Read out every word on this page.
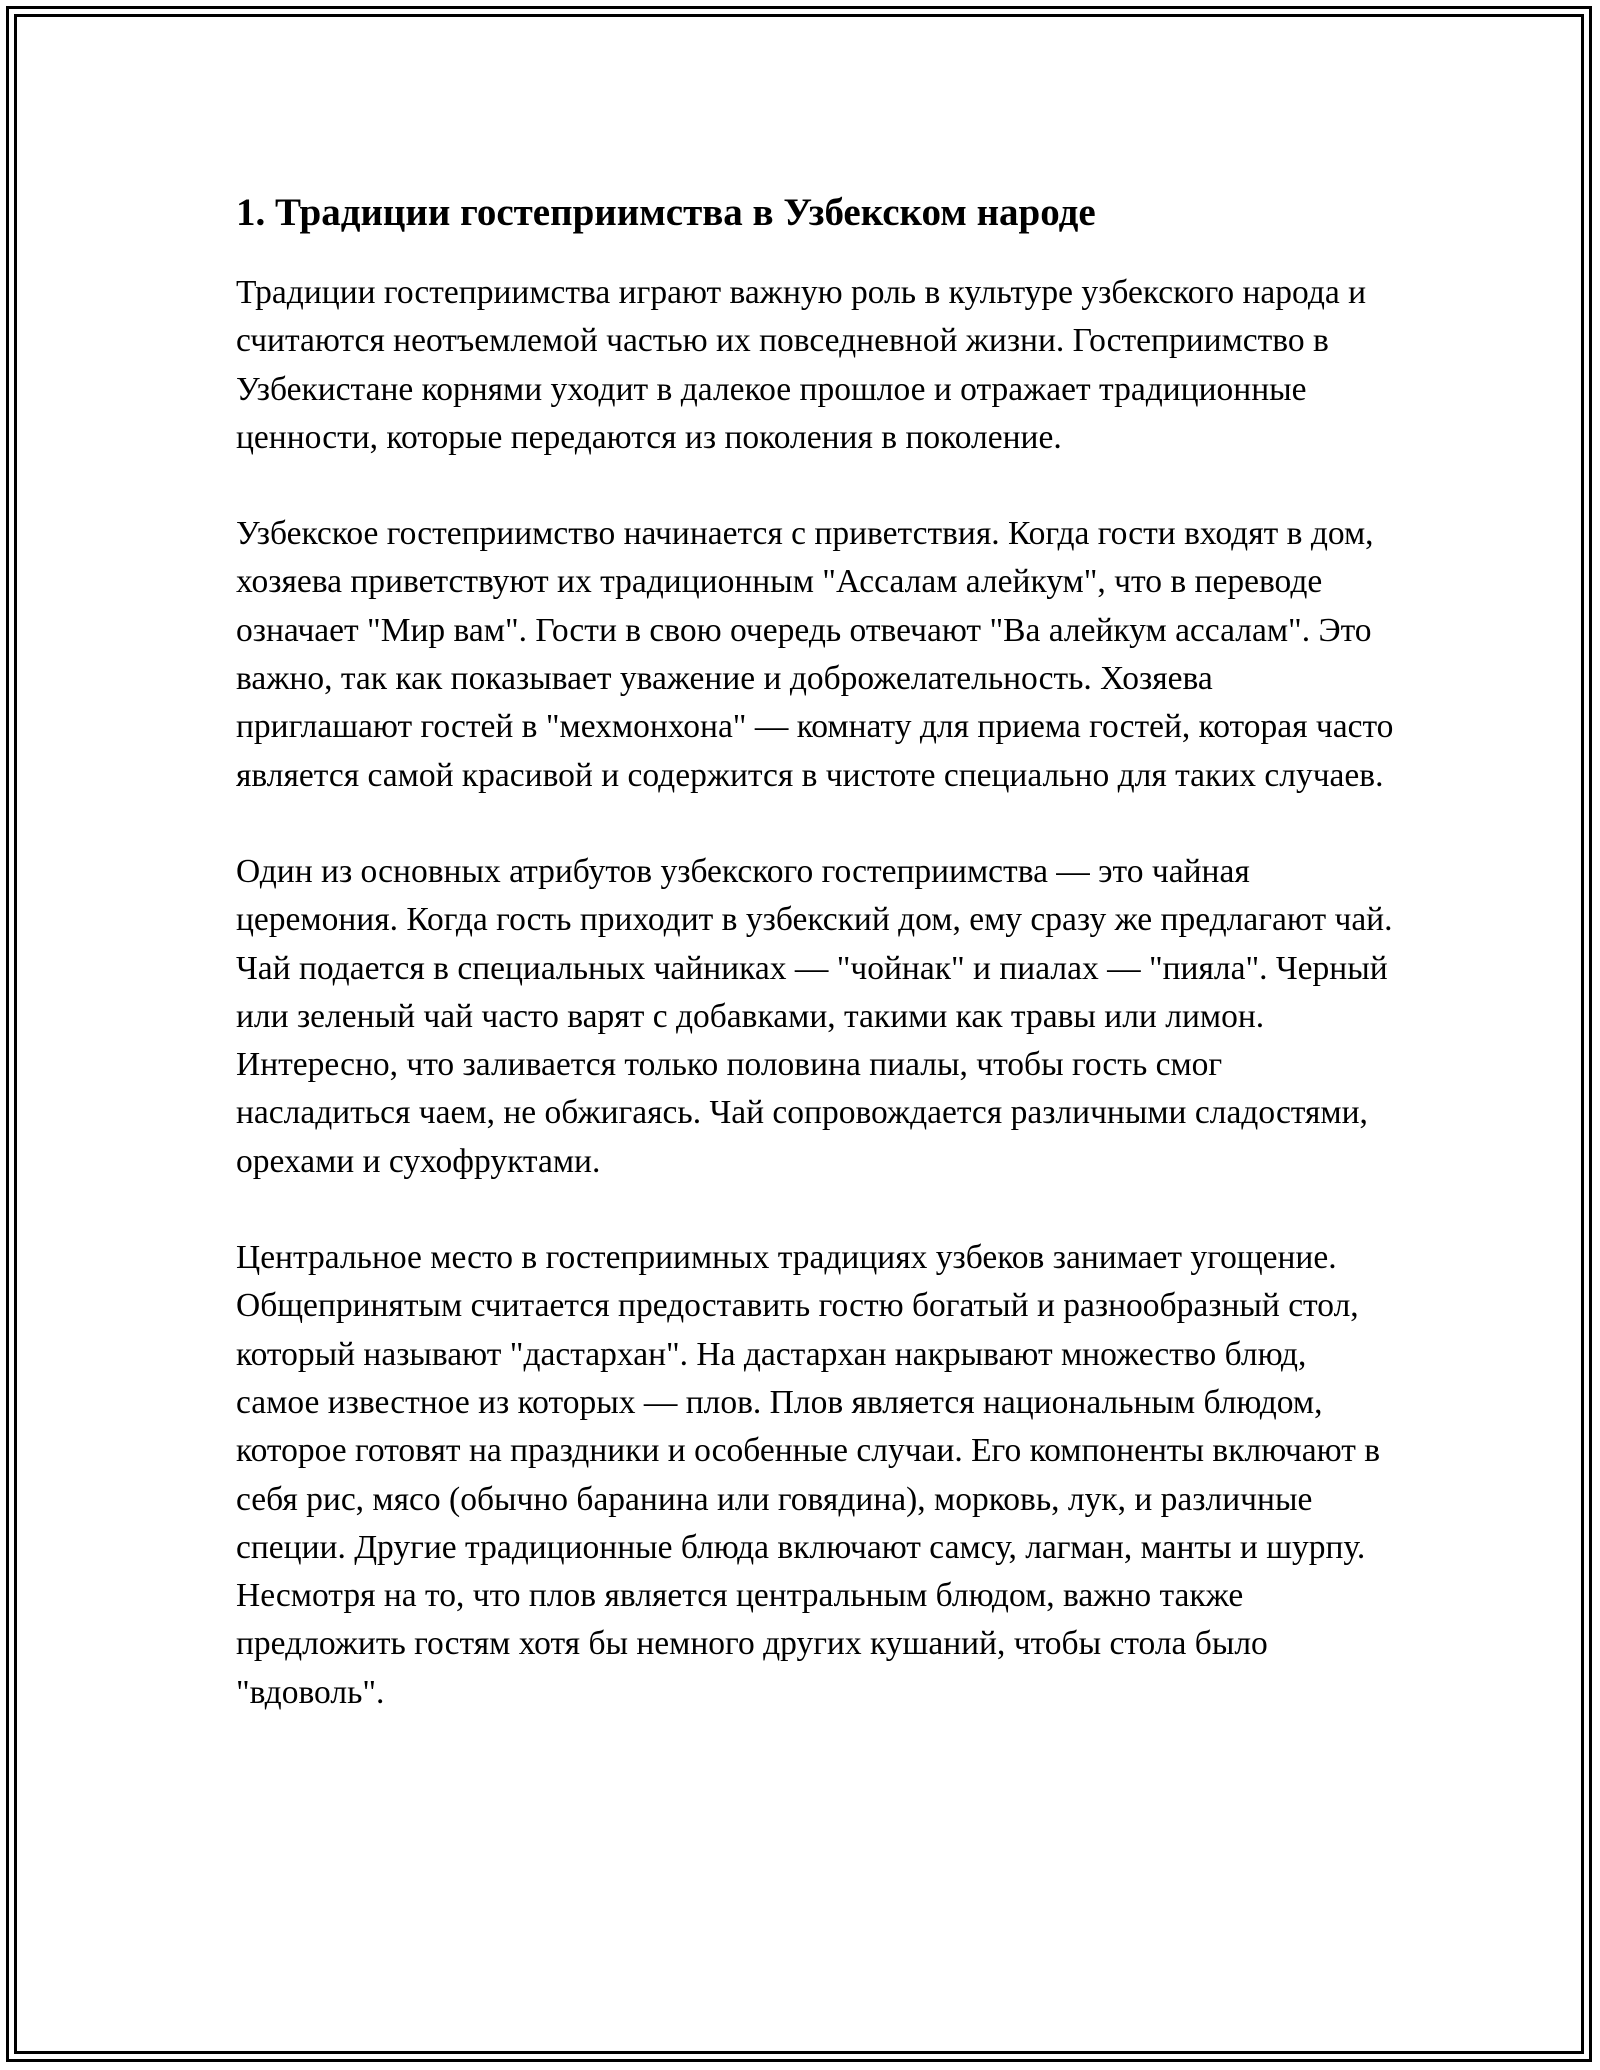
1. Традиции гостеприимства в Узбекском народе

Традиции гостеприимства играют важную роль в культуре узбекского народа и считаются неотъемлемой частью их повседневной жизни. Гостеприимство в Узбекистане корнями уходит в далекое прошлое и отражает традиционные ценности, которые передаются из поколения в поколение.

Узбекское гостеприимство начинается с приветствия. Когда гости входят в дом, хозяева приветствуют их традиционным "Ассалам алейкум", что в переводе означает "Мир вам". Гости в свою очередь отвечают "Ва алейкум ассалам". Это важно, так как показывает уважение и доброжелательность. Хозяева приглашают гостей в "мехмонхона" — комнату для приема гостей, которая часто является самой красивой и содержится в чистоте специально для таких случаев.

Один из основных атрибутов узбекского гостеприимства — это чайная церемония. Когда гость приходит в узбекский дом, ему сразу же предлагают чай. Чай подается в специальных чайниках — "чойнак" и пиалах — "пияла". Черный или зеленый чай часто варят с добавками, такими как травы или лимон. Интересно, что заливается только половина пиалы, чтобы гость смог насладиться чаем, не обжигаясь. Чай сопровождается различными сладостями, орехами и сухофруктами.

Центральное место в гостеприимных традициях узбеков занимает угощение. Общепринятым считается предоставить гостю богатый и разнообразный стол, который называют "дастархан". На дастархан накрывают множество блюд, самое известное из которых — плов. Плов является национальным блюдом, которое готовят на праздники и особенные случаи. Его компоненты включают в себя рис, мясо (обычно баранина или говядина), морковь, лук, и различные специи. Другие традиционные блюда включают самсу, лагман, манты и шурпу. Несмотря на то, что плов является центральным блюдом, важно также предложить гостям хотя бы немного других кушаний, чтобы стола было "вдоволь".
